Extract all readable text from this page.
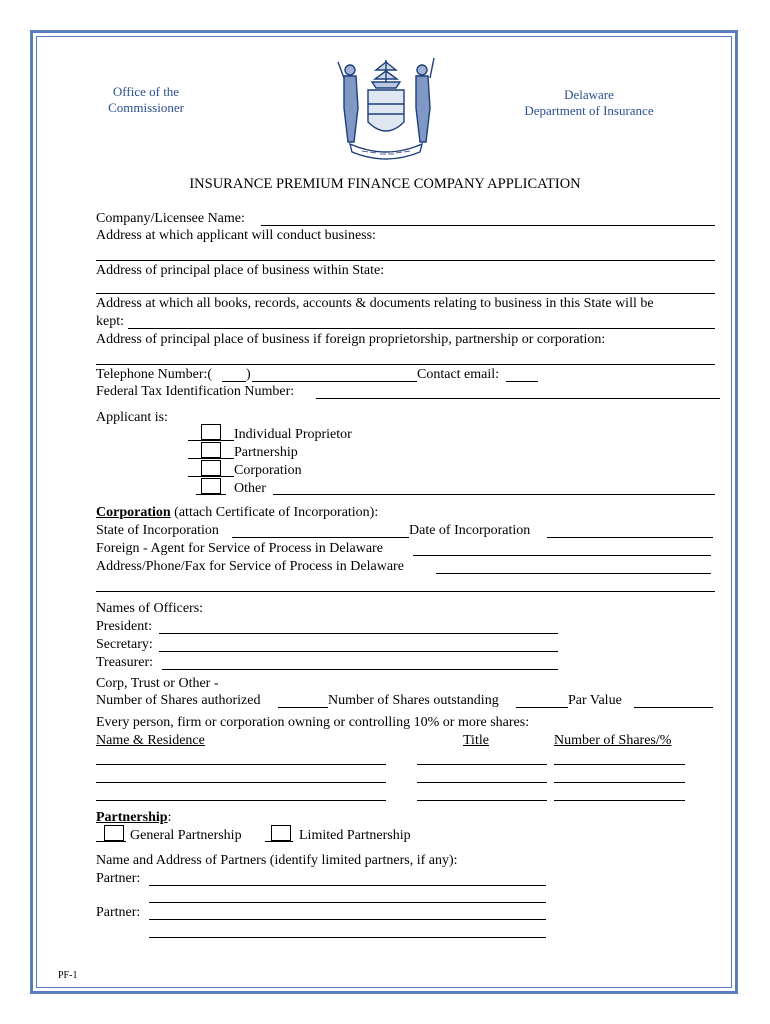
Office of the
Commissioner
Delaware
Department of Insurance
INSURANCE PREMIUM FINANCE COMPANY APPLICATION
Company/Licensee Name:
Address at which applicant will conduct business:
Address of principal place of business within State:
Address at which all books, records, accounts & documents relating to business in this State will be
kept:
Address of principal place of business if foreign proprietorship, partnership or corporation:
Telephone Number:( )	Contact email:
Federal Tax Identification Number:
Applicant is:
Individual Proprietor
Partnership
Corporation
Other
Corporation (attach Certificate of Incorporation):
State of Incorporation	Date of Incorporation
Foreign - Agent for Service of Process in Delaware
Address/Phone/Fax for Service of Process in Delaware
Names of Officers:
President:
Secretary:
Treasurer:
Corp, Trust or Other -
Number of Shares authorized	Number of Shares outstanding	Par Value
Every person, firm or corporation owning or controlling 10% or more shares:
Name & Residence	Title	Number of Shares/%
Partnership:
General Partnership	Limited Partnership
Name and Address of Partners (identify limited partners, if any):
Partner:
Partner:
PF-1
